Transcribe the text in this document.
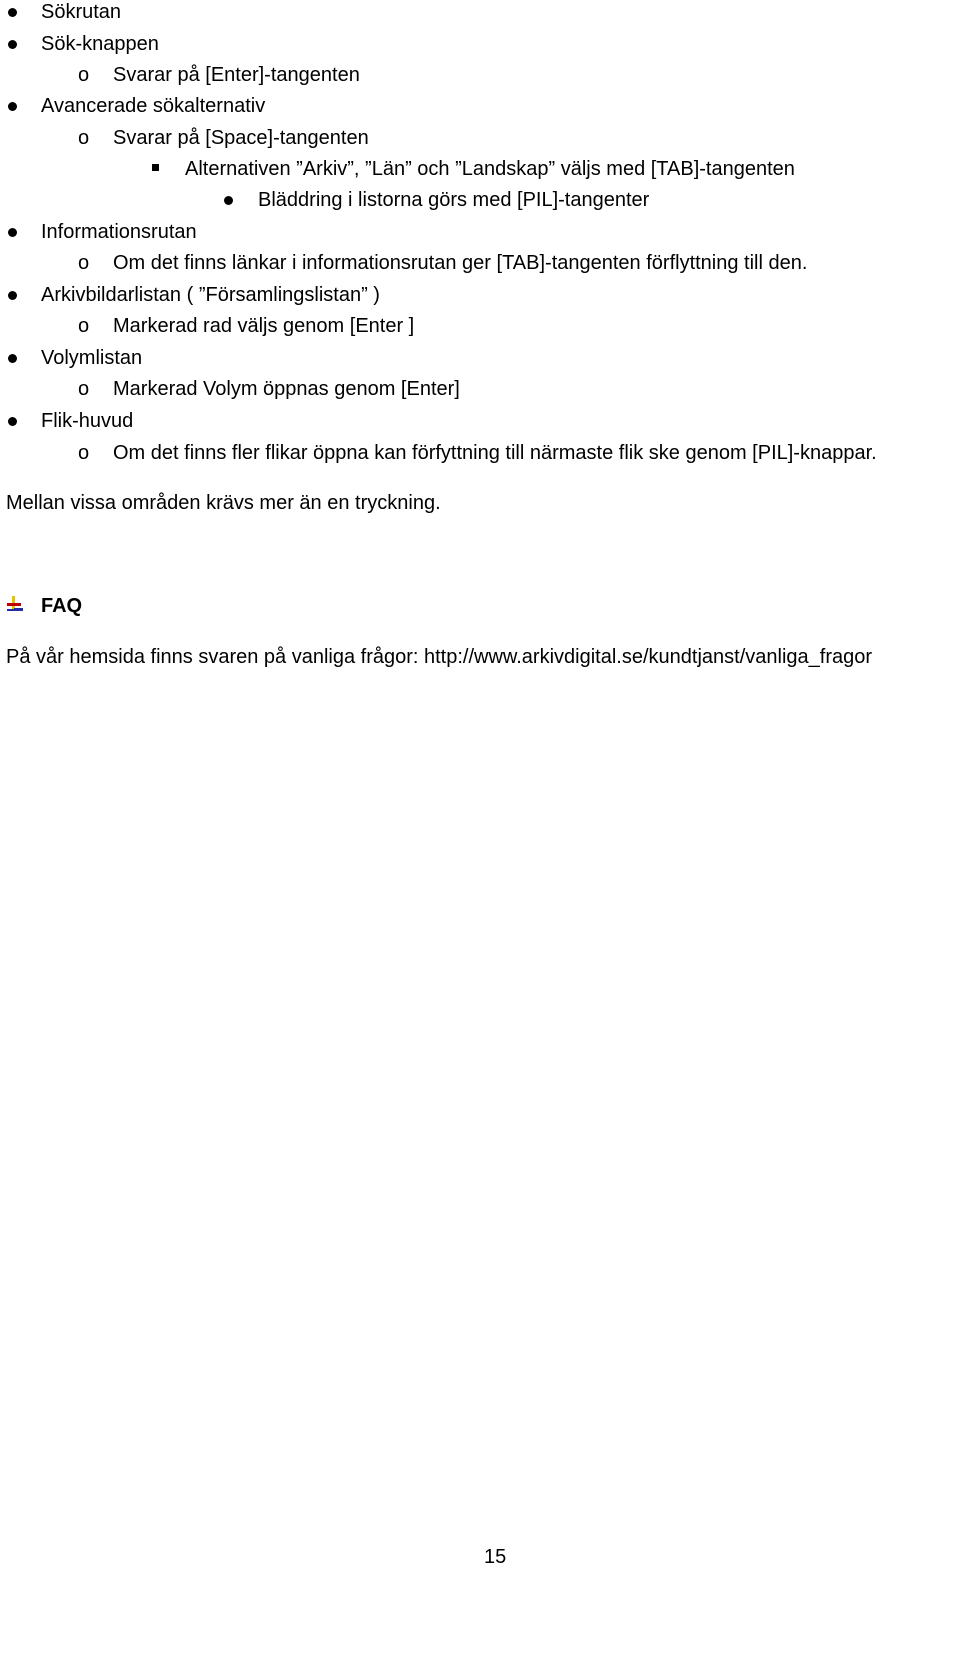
Sökrutan
Sök-knappen
o Svarar på [Enter]-tangenten
Avancerade sökalternativ
o Svarar på [Space]-tangenten
Alternativen ”Arkiv”, ”Län” och ”Landskap” väljs med [TAB]-tangenten
Bläddring i listorna görs med [PIL]-tangenter
Informationsrutan
o Om det finns länkar i informationsrutan ger [TAB]-tangenten förflyttning till den.
Arkivbildarlistan ( ”Församlingslistan” )
o Markerad rad väljs genom [Enter ]
Volymlistan
o Markerad Volym öppnas genom [Enter]
Flik-huvud
o Om det finns fler flikar öppna kan förfyttning till närmaste flik ske genom [PIL]-knappar.
Mellan vissa områden krävs mer än en tryckning.
FAQ
På vår hemsida finns svaren på vanliga frågor: http://www.arkivdigital.se/kundtjanst/vanliga_fragor
15
